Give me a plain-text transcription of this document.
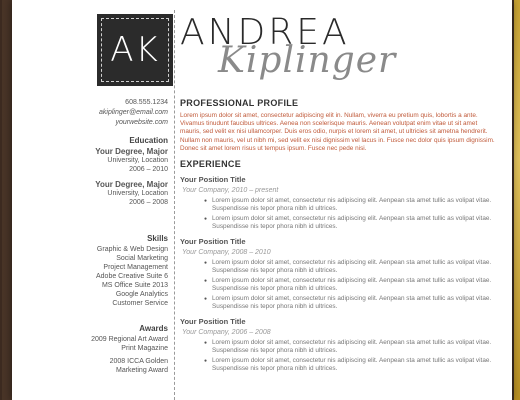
AK ANDREA
Kiplinger
608.555.1234
akiplinger@email.com
yourwebsite.com
Education
Your Degree, Major
University, Location
2006 – 2010
Your Degree, Major
University, Location
2006 – 2008
Skills
Graphic & Web Design
Social Marketing
Project Management
Adobe Creative Suite 6
MS Office Suite 2013
Google Analytics
Customer Service
Awards
2009 Regional Art Award
Print Magazine
2008 ICCA Golden
Marketing Award
PROFESSIONAL PROFILE
Lorem ipsum dolor sit amet, consectetur adipiscing elit in. Nullam, viverra eu pretium quis, lobortis a ante. Vivamus tinudunt faucibus ultrices. Aenea non scelerisque mauris. Aenean volutpat enim vitae ut sit amet mauris, sed velit ex nisi ullamcorper. Duis eros odio, nurpis et lorem sit amet, ut ultricies sit ametna hendrerit. Nullam non mauris, vel ut nibh mi, sed velit ex nisi dignissim vel lacus in. Fusce nec dolor quis ipsum dignissim. Donec sit amet lorem risus ut tempus ipsum. Fusce nec pede nisi.
EXPERIENCE
Your Position Title
Your Company, 2010 – present
● Lorem ipsum dolor sit amet, consectetur nis adipiscing elit. Aenpean sta amet tullic as volipat vitae. Suspendisse nis tepor phora nibh id ultrices.
● Lorem ipsum dolor sit amet, consectetur nis adipiscing elit. Aenpean sta amet tullic as volipat vitae. Suspendisse nis tepor phora nibh id ultrices.
Your Position Title
Your Company, 2008 – 2010
● Lorem ipsum dolor sit amet, consectetur nis adipiscing elit. Aenpean sta amet tullic as volipat vitae. Suspendisse nis tepor phora nibh id ultrices.
● Lorem ipsum dolor sit amet, consectetur nis adipiscing elit. Aenpean sta amet tullic as volipat vitae. Suspendisse nis tepor phora nibh id ultrices.
● Lorem ipsum dolor sit amet, consectetur nis adipiscing elit. Aenpean sta amet tullic as volipat vitae. Suspendisse nis tepor phora nibh id ultrices.
Your Position Title
Your Company, 2006 – 2008
● Lorem ipsum dolor sit amet, consectetur nis adipiscing elit. Aenpean sta amet tullic as volipat vitae. Suspendisse nis tepor phora nibh id ultrices.
● Lorem ipsum dolor sit amet, consectetur nis adipiscing elit. Aenpean sta amet tullic as volipat vitae. Suspendisse nis tepor phora nibh id ultrices.
